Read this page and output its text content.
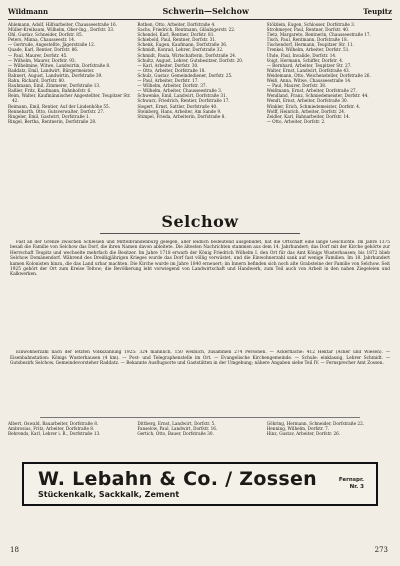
Wildmann	Schwerin—Selchow	Teupitz

Ahlemann, Adolf, Hilfsarbeiter, Chausseestraße 16.

Müller-Kreibaum, Wilhelm, Ober-Ing., Dorfstr. 33.

Ohl, Gustav, Schneider, Dorfstr. 85.

Peters, Minna, Chausseestr. 14.

— Gertrude, Angestellte, Jägerstraße 12.

Quade, Karl, Rentier, Dorfstr. 86.

— Paul, Maurer, Dorfstr. 45.

— Wilhelm, Maurer, Dorfstr. 93.

— Wilhelmine, Witwe, Landwirtin, Dorfstraße 8.

Raddatz, Emil, Landwirt, Bürgermeister.

Rahnert, August, Landwirtin, Dorfstraße 39.

Rahn, Richard, Dorfstr. 80.

Rauhmann, Emil, Zimmerer, Dorfstraße 13.

Raßler, Fritz, Kaufmann, Bahnhofstr. 6.

Reim, Walter, Kaufmännischer Angestellter, Teupitzer Str. 42.

Reimann, Emil, Rentier, Auf der Lindenhöhe 55.

Rennebarth, Otto, Gutsverwalter, Dorfstr. 27.

Ringeler, Emil, Gastwirt, Dorfstraße 1.

Ringel, Bertha, Rentnerin, Dorfstraße 28.

Rothen, Otto, Arbeiter, Dorfstraße 4.

Sachs, Friedrich, Rentmann, Gläubigerstr. 22.

Schendel, Karl, Rentner, Dorfstr. 81.

Schiebold, Paul, Rentner, Dorfstr. 31.

Schenk, Eugen, Kaufmann, Dorfstraße 36.

Schmidt, Konrad, Lehrer, Dorfstraße 32.

Schmidt, Paula, Wirtschafterin, Dorfstraße 24.

Schultz, August, Lehrer, Gutsbesitzer, Dorfstr. 20.

— Karl, Arbeiter, Dorfstr. 30.

— Otto, Arbeiter, Dorfstraße 18.

Schulz, Gustav, Gemeindediener, Dorfstr. 25.

— Paul, Arbeiter, Dorfstr. 17.

— Wilhelm, Arbeiter, Dorfstr. 37.

— Wilhelm, Arbeiter, Chausseestraße 3.

Schwenke, Emil, Landwirt, Dorfstraße 31.

Schwarz, Friedrich, Rentier, Dorfstraße 17.

Siegert, Ernst, Sattler, Dorfstraße 40.

Steinberg, Hans, Arbeiter, Am Sande 9.

Stimpel, Frieda, Arbeiterin, Dorfstraße 8.

Stölzlein, Eugen, Schlosser, Dorfstraße 3.

Strohmeyer, Paul, Rentner, Dorfstr. 40.

Tietz, Margarete, Rentnerin, Chausseestraße 17.

Tisch, Paul, Rentmann, Dorfstraße 18.

Tischendorf, Hermann, Teupitzer Str. 11.

Trenkel, Wilhelm, Arbeiter, Dorfstr. 51.

Uhde, Paul, Invalide, Dorfstr. 14.

Voigt, Hermann, Schiffer, Dorfstr. 4.

— Bernhard, Arbeiter, Teupitzer Str. 27.

Walter, Ernst, Landwirt, Dorfstraße 43.

Weidemann, Otto, Weichensteller, Dorfstraße 26.

Weiß, Anna, Witwe, Chausseestraße 14.

— Paul, Maurer, Dorfstr. 38.

Weißmann, Ernst, Arbeiter, Dorfstraße 27.

Wendland, Franz, Schmiedemeister, Dorfstr. 44.

Wendt, Ernst, Arbeiter, Dorfstraße 30.

Winkler, Erich, Schmiedemeister, Dorfstr. 4.

Wolff, Heinrich, Arbeiter, Dorfstr. 24.

Zeidler, Karl, Bahnarbeiter, Dorfstr. 14.

— Otto, Arbeiter, Dorfstr. 2.

Selchow

Fast an der Grenze zwischen Schlesien und Mittelbrandenburg gelegen, aller leidlich bedeutend ausgebildet, hat die Ortschaft eine lange Geschichte. Im Jahre 1375 besaß die Familie von Selchow das Dorf, die ihren Namen davon ableitete. Die ältesten Nachrichten stammen aus dem 14. Jahrhundert; das Dorf mit der Kirche gehörte zur Herrschaft Teupitz und wechselte mehrfach die Besitzer. Im Jahre 1718 erwarb der König Friedrich Wilhelm I. den Ort für das Amt Königs Wusterhausen; bis 1872 blieb Selchow Domänendorf. Während des Dreißigjährigen Krieges wurde das Dorf fast völlig verwüstet, und die Einwohnerzahl sank auf wenige Familien. Im 18. Jahrhundert kamen Kolonisten hinzu, die das Land urbar machten. Die Kirche wurde im Jahre 1840 erneuert; im Innern befinden sich noch alte Grabsteine der Familie von Selchow. Seit 1925 gehört der Ort zum Kreise Teltow; die Bevölkerung lebt vorwiegend von Landwirtschaft und Handwerk, zum Teil auch von Arbeit in den nahen Ziegeleien und Kalkwerken.

Einwohnerzahl nach der letzten Volkszählung 1925: 324 männlich, 150 weiblich, zusammen 274 Personen. — Ackerfläche: 412 Hektar (Acker und Wiesen). — Eisenbahnstation: Königs Wusterhausen (4 km). — Post- und Telegraphenstelle im Ort. — Evangelische Kirchengemeinde. — Schule: einklassig, Lehrer Schmidt. — Gutsbezirk Selchow, Gemeindevorsteher Raddatz. — Bekannte Ausflugsorte und Gaststätten in der Umgebung; nähere Angaben siehe Teil IV. — Fernsprecher Amt Zossen.

Albert, Oswald, Bauarbeiter, Dorfstraße 8.

Ambrosius, Fritz, Arbeiter, Dorfstraße 8.

Behrends, Karl, Lehrer i. R., Dorfstraße 13.

Dittberg, Ernst, Landwirt, Dorfstr. 5.

Fanselow, Paul, Landwirt, Dorfstr. 16.

Gertich, Otto, Bauer, Dorfstraße 30.

Göhring, Hermann, Schneider, Dorfstraße 22.

Henning, Wilhelm, Dorfstr. 7.

Hinz, Gustav, Arbeiter, Dorfstr. 26.

W. Lebahn & Co. / Zossen
Stückenkalk, Sackkalk, Zement
Fernspr.
Nr. 3
18	273
